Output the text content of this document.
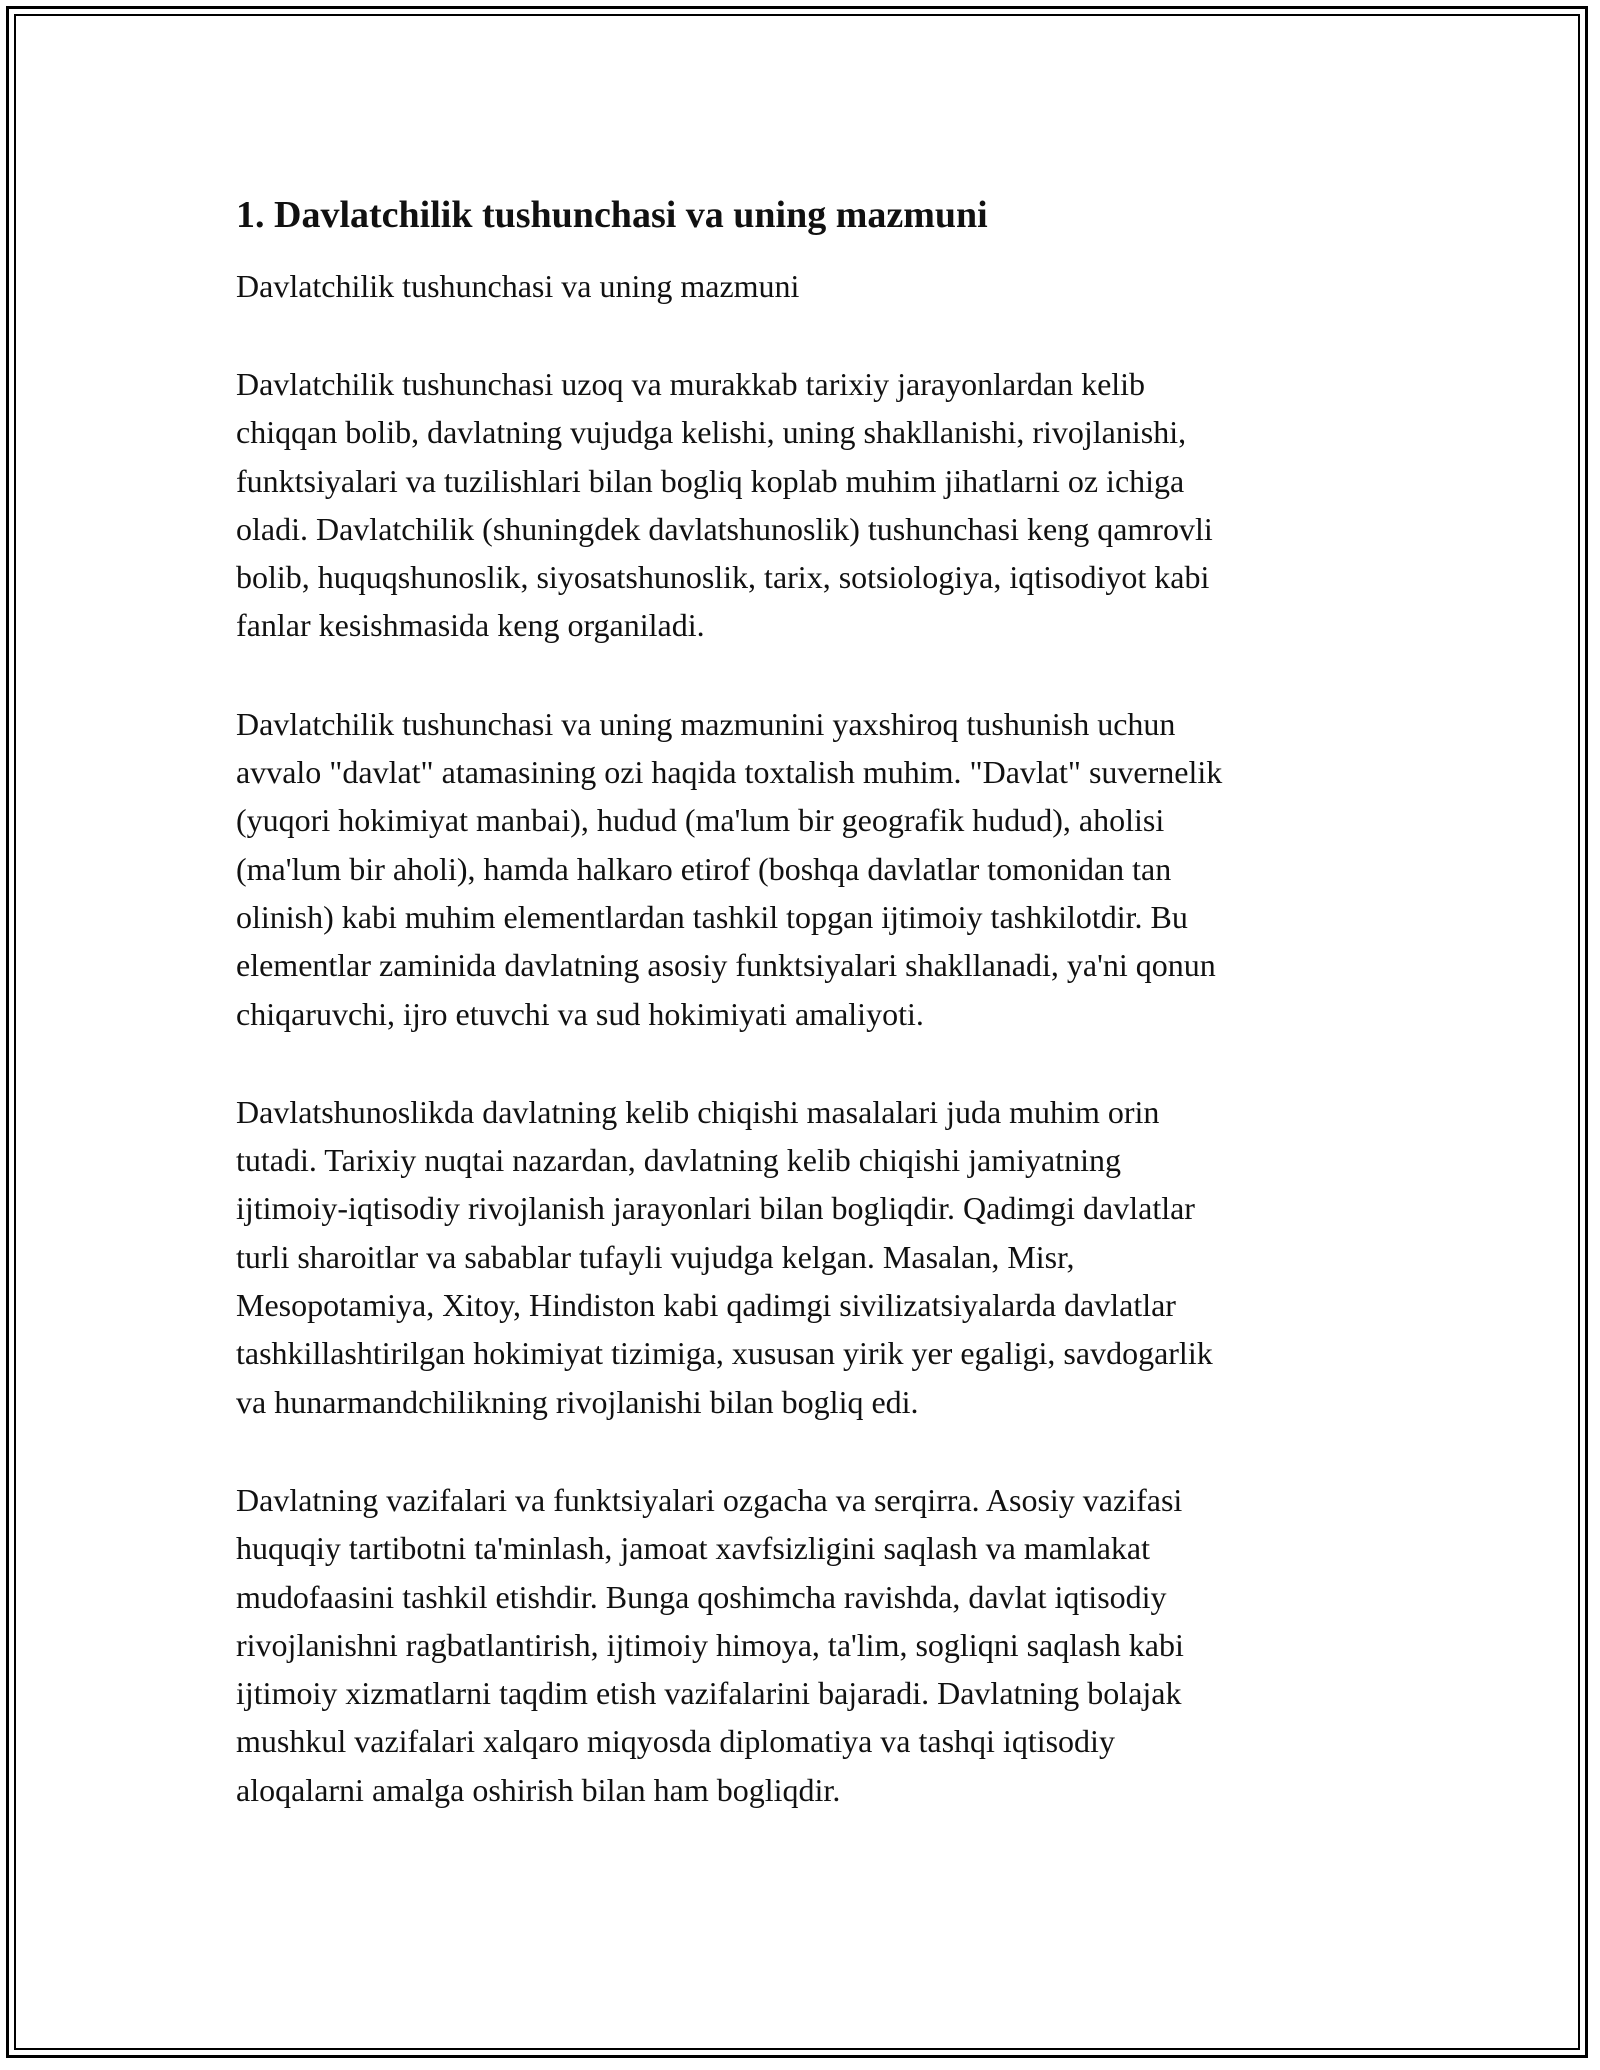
1. Davlatchilik tushunchasi va uning mazmuni

Davlatchilik tushunchasi va uning mazmuni

Davlatchilik tushunchasi uzoq va murakkab tarixiy jarayonlardan kelib
chiqqan bolib, davlatning vujudga kelishi, uning shakllanishi, rivojlanishi,
funktsiyalari va tuzilishlari bilan bogliq koplab muhim jihatlarni oz ichiga
oladi. Davlatchilik (shuningdek davlatshunoslik) tushunchasi keng qamrovli
bolib, huquqshunoslik, siyosatshunoslik, tarix, sotsiologiya, iqtisodiyot kabi
fanlar kesishmasida keng organiladi.

Davlatchilik tushunchasi va uning mazmunini yaxshiroq tushunish uchun
avvalo "davlat" atamasining ozi haqida toxtalish muhim. "Davlat" suvernelik
(yuqori hokimiyat manbai), hudud (ma'lum bir geografik hudud), aholisi
(ma'lum bir aholi), hamda halkaro etirof (boshqa davlatlar tomonidan tan
olinish) kabi muhim elementlardan tashkil topgan ijtimoiy tashkilotdir. Bu
elementlar zaminida davlatning asosiy funktsiyalari shakllanadi, ya'ni qonun
chiqaruvchi, ijro etuvchi va sud hokimiyati amaliyoti.

Davlatshunoslikda davlatning kelib chiqishi masalalari juda muhim orin
tutadi. Tarixiy nuqtai nazardan, davlatning kelib chiqishi jamiyatning
ijtimoiy-iqtisodiy rivojlanish jarayonlari bilan bogliqdir. Qadimgi davlatlar
turli sharoitlar va sabablar tufayli vujudga kelgan. Masalan, Misr,
Mesopotamiya, Xitoy, Hindiston kabi qadimgi sivilizatsiyalarda davlatlar
tashkillashtirilgan hokimiyat tizimiga, xususan yirik yer egaligi, savdogarlik
va hunarmandchilikning rivojlanishi bilan bogliq edi.

Davlatning vazifalari va funktsiyalari ozgacha va serqirra. Asosiy vazifasi
huquqiy tartibotni ta'minlash, jamoat xavfsizligini saqlash va mamlakat
mudofaasini tashkil etishdir. Bunga qoshimcha ravishda, davlat iqtisodiy
rivojlanishni ragbatlantirish, ijtimoiy himoya, ta'lim, sogliqni saqlash kabi
ijtimoiy xizmatlarni taqdim etish vazifalarini bajaradi. Davlatning bolajak
mushkul vazifalari xalqaro miqyosda diplomatiya va tashqi iqtisodiy
aloqalarni amalga oshirish bilan ham bogliqdir.
